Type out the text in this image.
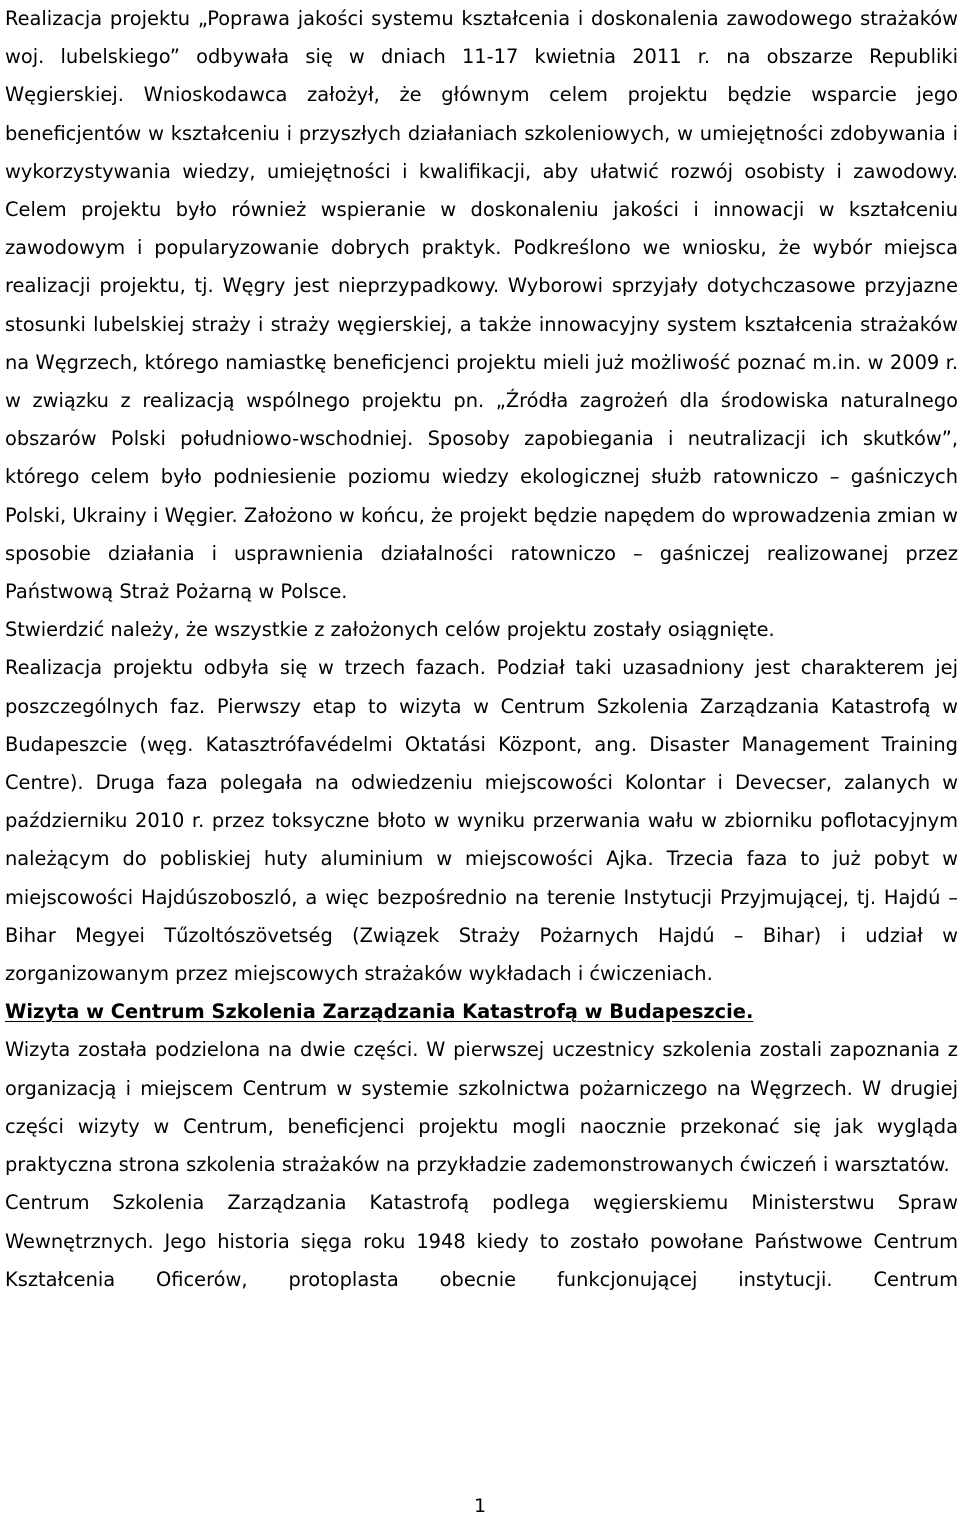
Realizacja projektu „Poprawa jakości systemu kształcenia i doskonalenia zawodowego strażaków woj. lubelskiego” odbywała się w dniach 11-17 kwietnia 2011 r. na obszarze Republiki Węgierskiej. Wnioskodawca założył, że głównym celem projektu będzie wsparcie jego beneficjentów w kształceniu i przyszłych działaniach szkoleniowych, w umiejętności zdobywania i wykorzystywania wiedzy, umiejętności i kwalifikacji, aby ułatwić rozwój osobisty i zawodowy. Celem projektu było również wspieranie w doskonaleniu jakości i innowacji w kształceniu zawodowym i popularyzowanie dobrych praktyk. Podkreślono we wniosku, że wybór miejsca realizacji projektu, tj. Węgry jest nieprzypadkowy. Wyborowi sprzyjały dotychczasowe przyjazne stosunki lubelskiej straży i straży węgierskiej, a także innowacyjny system kształcenia strażaków na Węgrzech, którego namiastkę beneficjenci projektu mieli już możliwość poznać m.in. w 2009 r. w związku z realizacją wspólnego projektu pn. „Źródła zagrożeń dla środowiska naturalnego obszarów Polski południowo-wschodniej. Sposoby zapobiegania i neutralizacji ich skutków”, którego celem było podniesienie poziomu wiedzy ekologicznej służb ratowniczo – gaśniczych Polski, Ukrainy i Węgier. Założono w końcu, że projekt będzie napędem do wprowadzenia zmian w sposobie działania i usprawnienia działalności ratowniczo – gaśniczej realizowanej przez Państwową Straż Pożarną w Polsce.

Stwierdzić należy, że wszystkie z założonych celów projektu zostały osiągnięte.

Realizacja projektu odbyła się w trzech fazach. Podział taki uzasadniony jest charakterem jej poszczególnych faz. Pierwszy etap to wizyta w Centrum Szkolenia Zarządzania Katastrofą w Budapeszcie (węg. Katasztrófavédelmi Oktatási Központ, ang. Disaster Management Training Centre). Druga faza polegała na odwiedzeniu miejscowości Kolontar i Devecser, zalanych w październiku 2010 r. przez toksyczne błoto w wyniku przerwania wału w zbiorniku poflotacyjnym należącym do pobliskiej huty aluminium w miejscowości Ajka. Trzecia faza to już pobyt w miejscowości Hajdúszoboszló, a więc bezpośrednio na terenie Instytucji Przyjmującej, tj. Hajdú – Bihar Megyei Tűzoltószövetség (Związek Straży Pożarnych Hajdú – Bihar) i udział w zorganizowanym przez miejscowych strażaków wykładach i ćwiczeniach.

Wizyta w Centrum Szkolenia Zarządzania Katastrofą w Budapeszcie.

Wizyta została podzielona na dwie części. W pierwszej uczestnicy szkolenia zostali zapoznania z organizacją i miejscem Centrum w systemie szkolnictwa pożarniczego na Węgrzech. W drugiej części wizyty w Centrum, beneficjenci projektu mogli naocznie przekonać się jak wygląda praktyczna strona szkolenia strażaków na przykładzie zademonstrowanych ćwiczeń i warsztatów.

Centrum Szkolenia Zarządzania Katastrofą podlega węgierskiemu Ministerstwu Spraw Wewnętrznych. Jego historia sięga roku 1948 kiedy to zostało powołane Państwowe Centrum Kształcenia Oficerów, protoplasta obecnie funkcjonującej instytucji. Centrum

1
